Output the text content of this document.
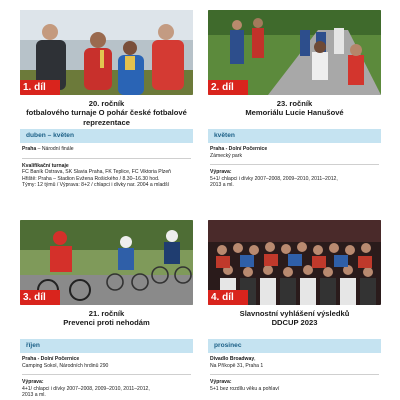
1. díl
20. ročník
fotbalového turnaje O pohár české fotbalové
reprezentace
duben – květen
Praha – Národní finále
Kvalifikační turnaje
FC Baník Ostrava, SK Slavia Praha, FK Teplice, FC Viktoria Plzeň
Hřiště: Praha – Stadion Evžena Rošického / 8.30–16.30 hod.
Týmy: 12 týmů / Výprava: 8+2 / chlapci i dívky nar. 2004 a mladší
2. díl
23. ročník
Memoriálu Lucie Hanušové
květen
Praha - Dolní Počernice
Zámecký park
Výprava:
5+1/ chlapci i dívky 2007–2008, 2009–2010, 2011–2012,
2013 a ml.
3. díl
21. ročník
Prevenci proti nehodám
říjen
Praha - Dolní Počernice
Camping Sokol, Národních hrdinů 290
Výprava:
4+1/ chlapci i dívky 2007–2008, 2009–2010, 2011–2012,
2013 a ml.
4. díl
Slavnostní vyhlášení výsledků
DDCUP 2023
prosinec
Divadlo Broadway,
Na Příkopě 31, Praha 1
Výprava:
5+1 bez rozdílu věku a pohlaví
